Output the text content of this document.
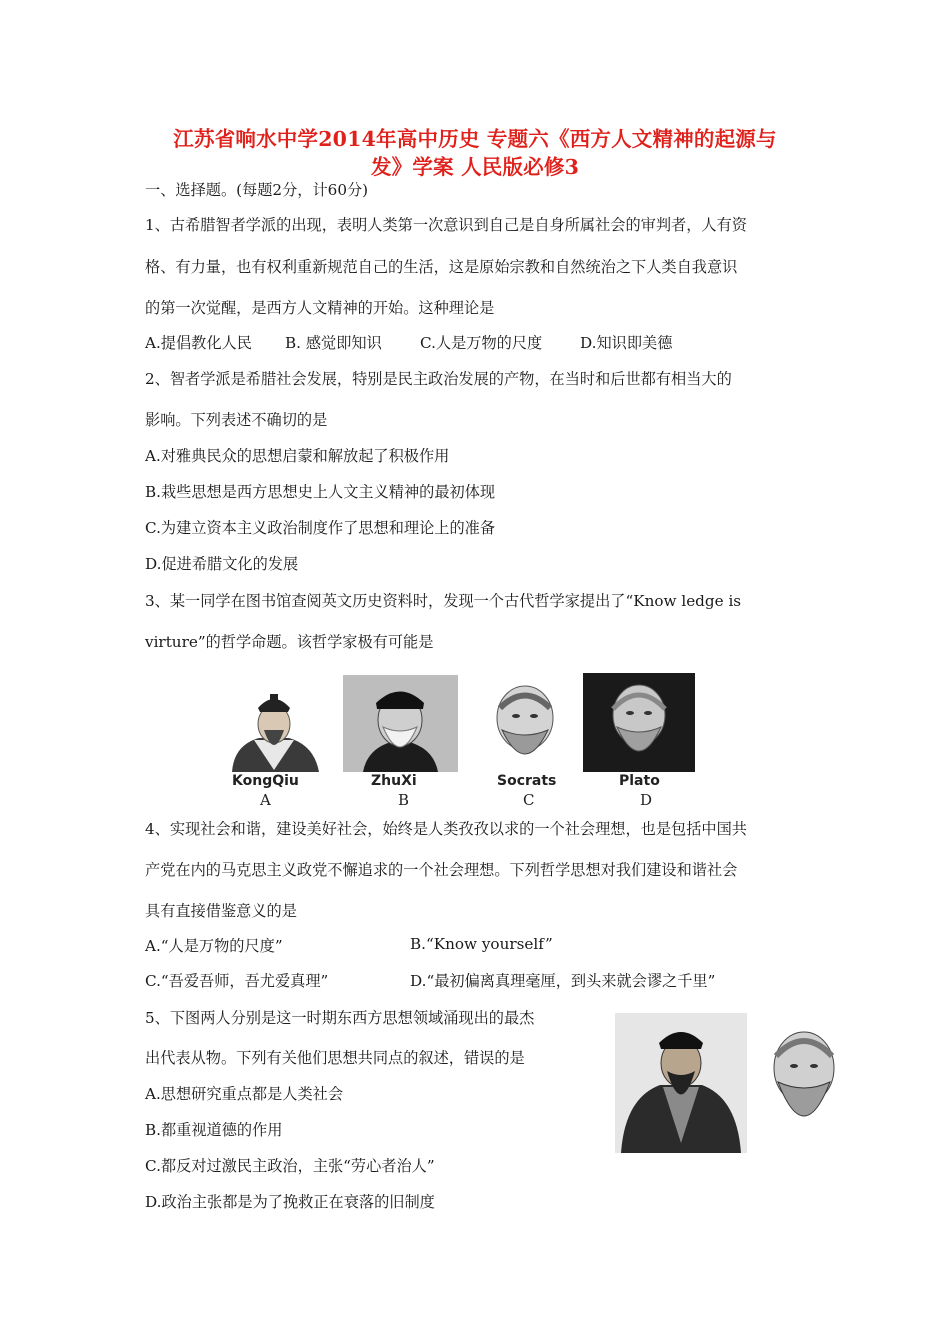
江苏省响水中学2014年高中历史 专题六《西方人文精神的起源与
发》学案 人民版必修3
一、选择题。(每题2分，计60分)
1、古希腊智者学派的出现，表明人类第一次意识到自己是自身所属社会的审判者，人有资
格、有力量，也有权利重新规范自己的生活，这是原始宗教和自然统治之下人类自我意识
的第一次觉醒，是西方人文精神的开始。这种理论是
A.提倡教化人民 B. 感觉即知识	C.人是万物的尺度 D.知识即美德
2、智者学派是希腊社会发展，特别是民主政治发展的产物，在当时和后世都有相当大的
影响。下列表述不确切的是
A.对雅典民众的思想启蒙和解放起了积极作用
B.栽些思想是西方思想史上人文主义精神的最初体现
C.为建立资本主义政治制度作了思想和理论上的准备
D.促进希腊文化的发展
3、某一同学在图书馆查阅英文历史资料时，发现一个古代哲学家提出了“Know ledge is
virture”的哲学命题。该哲学家极有可能是
KongQiu	ZhuXi	Socrats	Plato
A	B	C	D
4、实现社会和谐，建设美好社会，始终是人类孜孜以求的一个社会理想，也是包括中国共
产党在内的马克思主义政党不懈追求的一个社会理想。下列哲学思想对我们建设和谐社会
具有直接借鉴意义的是
A.“人是万物的尺度”	B.“Know yourself”
C.“吾爱吾师，吾尤爱真理”	D.“最初偏离真理毫厘，到头来就会谬之千里”
5、下图两人分别是这一时期东西方思想领域涌现出的最杰
出代表从物。下列有关他们思想共同点的叙述，错误的是
A.思想研究重点都是人类社会
B.都重视道德的作用
C.都反对过激民主政治，主张“劳心者治人”
D.政治主张都是为了挽救正在衰落的旧制度
